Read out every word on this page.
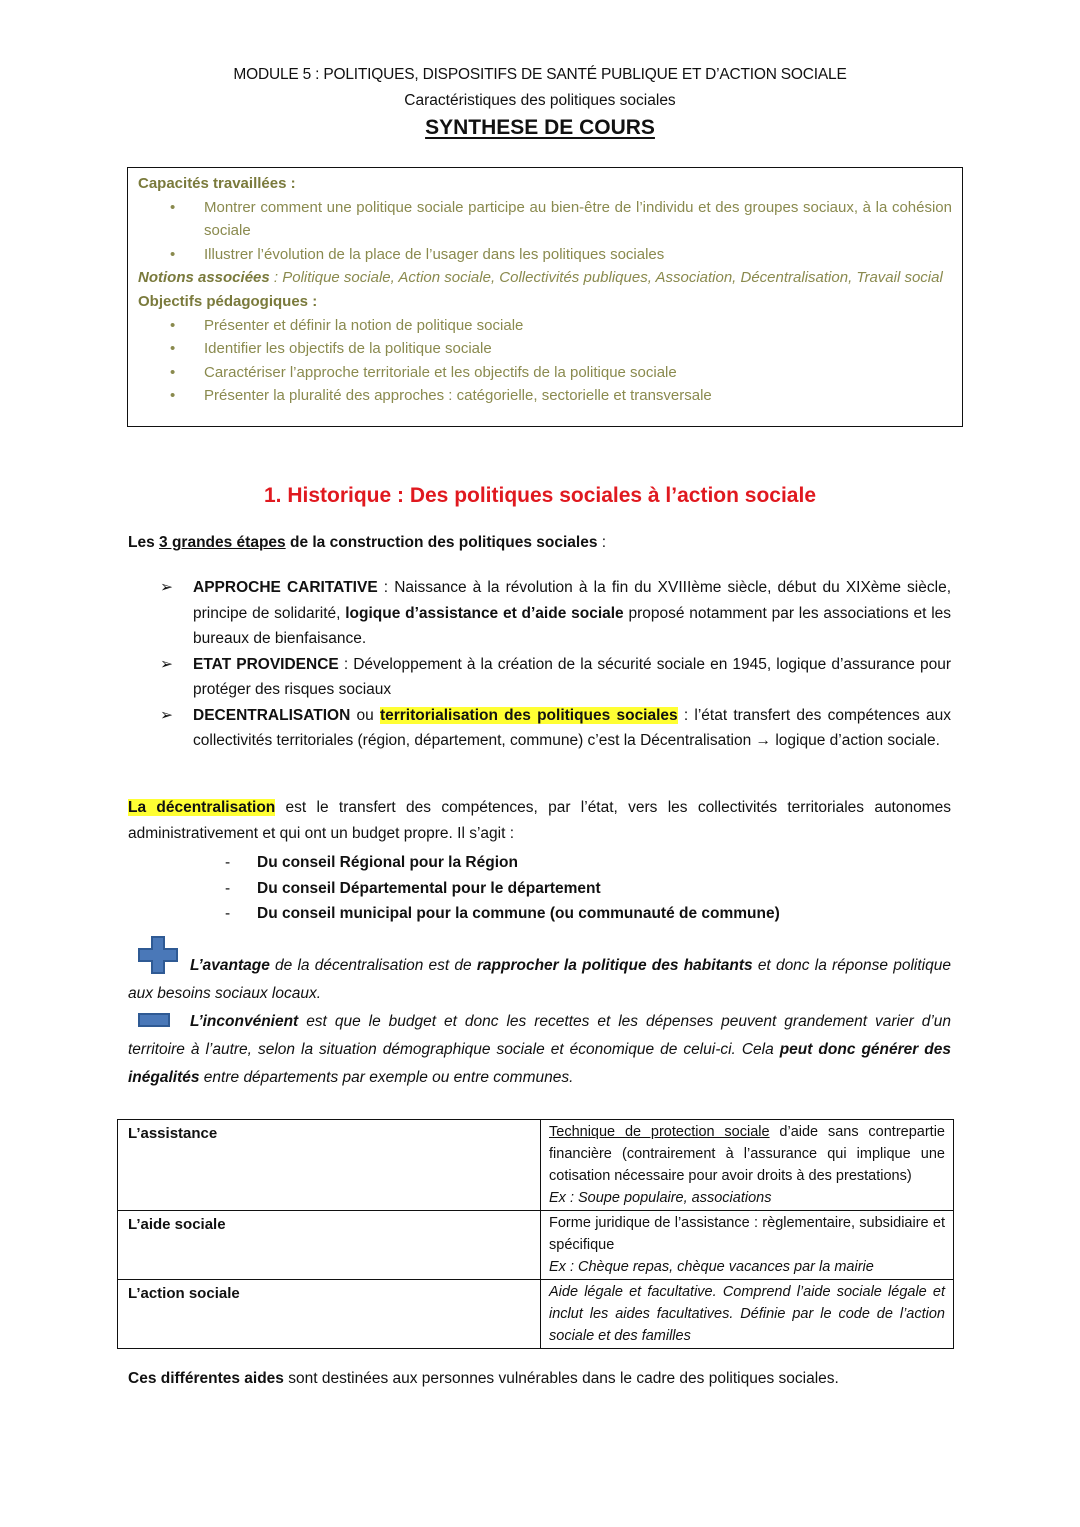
MODULE 5 : POLITIQUES, DISPOSITIFS DE SANTÉ PUBLIQUE ET D’ACTION SOCIALE
Caractéristiques des politiques sociales
SYNTHESE DE COURS
Capacités travaillées :
• Montrer comment une politique sociale participe au bien-être de l’individu et des groupes sociaux, à la cohésion sociale
• Illustrer l’évolution de la place de l’usager dans les politiques sociales
Notions associées : Politique sociale, Action sociale, Collectivités publiques, Association, Décentralisation, Travail social
Objectifs pédagogiques :
• Présenter et définir la notion de politique sociale
• Identifier les objectifs de la politique sociale
• Caractériser l’approche territoriale et les objectifs de la politique sociale
• Présenter la pluralité des approches : catégorielle, sectorielle et transversale
1. Historique : Des politiques sociales à l’action sociale
Les 3 grandes étapes de la construction des politiques sociales :
➢ APPROCHE CARITATIVE : Naissance à la révolution à la fin du XVIIIème siècle, début du XIXème siècle, principe de solidarité, logique d’assistance et d’aide sociale proposé notamment par les associations et les bureaux de bienfaisance.
➢ ETAT PROVIDENCE : Développement à la création de la sécurité sociale en 1945, logique d’assurance pour protéger des risques sociaux
➢ DECENTRALISATION ou territorialisation des politiques sociales : l’état transfert des compétences aux collectivités territoriales (région, département, commune) c’est la Décentralisation → logique d’action sociale.
La décentralisation est le transfert des compétences, par l’état, vers les collectivités territoriales autonomes administrativement et qui ont un budget propre. Il s’agit :
- Du conseil Régional pour la Région
- Du conseil Départemental pour le département
- Du conseil municipal pour la commune (ou communauté de commune)
L’avantage de la décentralisation est de rapprocher la politique des habitants et donc la réponse politique aux besoins sociaux locaux.
L’inconvénient est que le budget et donc les recettes et les dépenses peuvent grandement varier d’un territoire à l’autre, selon la situation démographique sociale et économique de celui-ci. Cela peut donc générer des inégalités entre départements par exemple ou entre communes.
L’assistance	Technique de protection sociale d’aide sans contrepartie financière (contrairement à l’assurance qui implique une cotisation nécessaire pour avoir droits à des prestations)
Ex : Soupe populaire, associations
L’aide sociale	Forme juridique de l’assistance : règlementaire, subsidiaire et spécifique
Ex : Chèque repas, chèque vacances par la mairie
L’action sociale	Aide légale et facultative. Comprend l’aide sociale légale et inclut les aides facultatives. Définie par le code de l’action sociale et des familles
Ces différentes aides sont destinées aux personnes vulnérables dans le cadre des politiques sociales.
